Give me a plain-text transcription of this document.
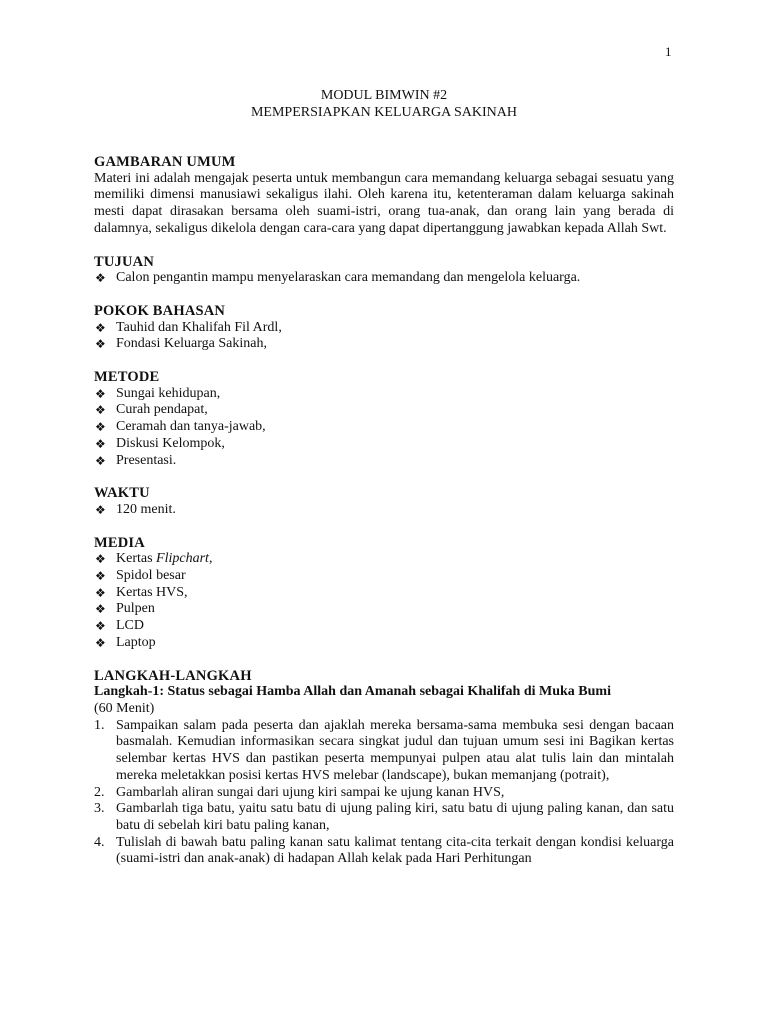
1
MODUL BIMWIN #2
MEMPERSIAPKAN KELUARGA SAKINAH
GAMBARAN UMUM

Materi ini adalah mengajak peserta untuk membangun cara memandang keluarga sebagai sesuatu yang memiliki dimensi manusiawi sekaligus ilahi. Oleh karena itu, ketenteraman dalam keluarga sakinah mesti dapat dirasakan bersama oleh suami-istri, orang tua-anak, dan orang lain yang berada di dalamnya, sekaligus dikelola dengan cara-cara yang dapat dipertanggung jawabkan kepada Allah Swt.

TUJUAN
❖ Calon pengantin mampu menyelaraskan cara memandang dan mengelola keluarga.
POKOK BAHASAN
❖ Tauhid dan Khalifah Fil Ardl,
❖ Fondasi Keluarga Sakinah,
METODE
❖ Sungai kehidupan,
❖ Curah pendapat,
❖ Ceramah dan tanya-jawab,
❖ Diskusi Kelompok,
❖ Presentasi.
WAKTU
❖ 120 menit.
MEDIA
❖ Kertas Flipchart,
❖ Spidol besar
❖ Kertas HVS,
❖ Pulpen
❖ LCD
❖ Laptop
LANGKAH-LANGKAH

Langkah-1: Status sebagai Hamba Allah dan Amanah sebagai Khalifah di Muka Bumi

(60 Menit)

1. Sampaikan salam pada peserta dan ajaklah mereka bersama-sama membuka sesi dengan bacaan basmalah. Kemudian informasikan secara singkat judul dan tujuan umum sesi ini Bagikan kertas selembar kertas HVS dan pastikan peserta mempunyai pulpen atau alat tulis lain dan mintalah mereka meletakkan posisi kertas HVS melebar (landscape), bukan memanjang (potrait),
2. Gambarlah aliran sungai dari ujung kiri sampai ke ujung kanan HVS,
3. Gambarlah tiga batu, yaitu satu batu di ujung paling kiri, satu batu di ujung paling kanan, dan satu batu di sebelah kiri batu paling kanan,
4. Tulislah di bawah batu paling kanan satu kalimat tentang cita-cita terkait dengan kondisi keluarga (suami-istri dan anak-anak) di hadapan Allah kelak pada Hari Perhitungan
